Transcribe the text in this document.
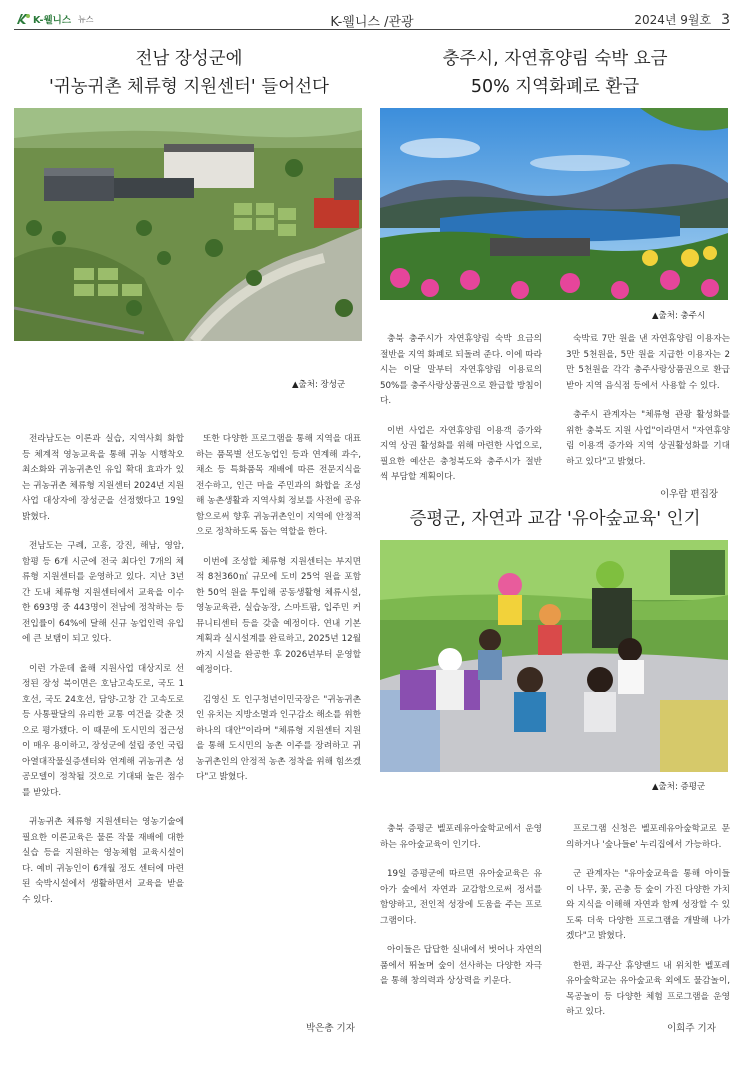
K-웰니스 뉴스	K-웰니스 /관광	2024년 9월호 3
전남 장성군에
'귀농귀촌 체류형 지원센터' 들어선다
▲출처: 장성군

전라남도는 이론과 실습, 지역사회 화합 등 체계적 영농교육을 통해 귀농 시행착오 최소화와 귀농귀촌인 유입 확대 효과가 있는 귀농귀촌 체류형 지원센터 2024년 지원 사업 대상자에 장성군을 선정했다고 19일 밝혔다.

전남도는 구례, 고흥, 강진, 해남, 영암, 함평 등 6개 시군에 전국 최다인 7개의 체류형 지원센터를 운영하고 있다. 지난 3년간 도내 체류형 지원센터에서 교육을 이수한 693명 중 443명이 전남에 정착하는 등 전입률이 64%에 달해 신규 농업인력 유입에 큰 보탬이 되고 있다.

이런 가운데 올해 지원사업 대상지로 선정된 장성 북이면은 호남고속도로, 국도 1호선, 국도 24호선, 담양-고창 간 고속도로 등 사통팔달의 유리한 교통 여건을 갖춘 것으로 평가됐다. 이 때문에 도시민의 접근성이 매우 용이하고, 장성군에 설립 중인 국립 아열대작물실증센터와 연계해 귀농귀촌 성공모델이 정착될 것으로 기대돼 높은 점수를 받았다.

귀농귀촌 체류형 지원센터는 영농기술에 필요한 이론교육은 물론 작물 재배에 대한 실습 등을 지원하는 영농체험 교육시설이다. 예비 귀농인이 6개월 정도 센터에 마련된 숙박시설에서 생활하면서 교육을 받을 수 있다.

또한 다양한 프로그램을 통해 지역을 대표하는 품목별 선도농업인 등과 연계해 과수, 채소 등 특화품목 재배에 따른 전문지식을 전수하고, 인근 마을 주민과의 화합을 조성해 농촌생활과 지역사회 정보를 사전에 공유함으로써 향후 귀농귀촌인이 지역에 안정적으로 정착하도록 돕는 역할을 한다.

이번에 조성할 체류형 지원센터는 부지면적 8천360㎡ 규모에 도비 25억 원을 포함한 50억 원을 투입해 공동생활형 체류시설, 영농교육관, 실습농장, 스마트팜, 입주민 커뮤니티센터 등을 갖출 예정이다. 연내 기본계획과 실시설계를 완료하고, 2025년 12월까지 시설을 완공한 후 2026년부터 운영할 예정이다.

김영신 도 인구청년이민국장은 "귀농귀촌인 유치는 지방소멸과 인구감소 해소를 위한 하나의 대안"이라며 "체류형 지원센터 지원을 통해 도시민의 농촌 이주를 장려하고 귀농귀촌인의 안정적 농촌 정착을 위해 힘쓰겠다"고 밝혔다.

박은총 기자
충주시, 자연휴양림 숙박 요금
50% 지역화폐로 환급
▲출처: 충주시

충북 충주시가 자연휴양림 숙박 요금의 절반을 지역 화폐로 되돌려 준다. 이에 따라 시는 이달 말부터 자연휴양림 이용료의 50%를 충주사랑상품권으로 환급할 방침이다.

이번 사업은 자연휴양림 이용객 증가와 지역 상권 활성화를 위해 마련한 사업으로, 필요한 예산은 충청북도와 충주시가 절반씩 부담할 계획이다.

숙박료 7만 원을 낸 자연휴양림 이용자는 3만 5천원을, 5만 원을 지급한 이용자는 2만 5천원을 각각 충주사랑상품권으로 환급 받아 지역 음식점 등에서 사용할 수 있다.

충주시 관계자는 "체류형 관광 활성화를 위한 충북도 지원 사업"이라면서 "자연휴양림 이용객 증가와 지역 상권활성화를 기대하고 있다"고 밝혔다.

이우람 편집장
증평군, 자연과 교감 '유아숲교육' 인기
▲출처: 증평군

충북 증평군 벨포레유아숲학교에서 운영하는 유아숲교육이 인기다.

19일 증평군에 따르면 유아숲교육은 유아가 숲에서 자연과 교감함으로써 정서를 함양하고, 전인적 성장에 도움을 주는 프로그램이다.

아이들은 답답한 실내에서 벗어나 자연의 품에서 뛰놀며 숲이 선사하는 다양한 자극을 통해 창의력과 상상력을 키운다.

프로그램 신청은 벨포레유아숲학교로 문의하거나 '숲나들e' 누리집에서 가능하다.

군 관계자는 "유아숲교육을 통해 아이들이 나무, 꽃, 곤충 등 숲이 가진 다양한 가치와 지식을 이해해 자연과 함께 성장할 수 있도록 더욱 다양한 프로그램을 개발해 나가겠다"고 밝혔다.

한편, 좌구산 휴양랜드 내 위치한 벨포레유아숲학교는 유아숲교육 외에도 물감놀이, 목공놀이 등 다양한 체험 프로그램을 운영하고 있다.

이희주 기자
